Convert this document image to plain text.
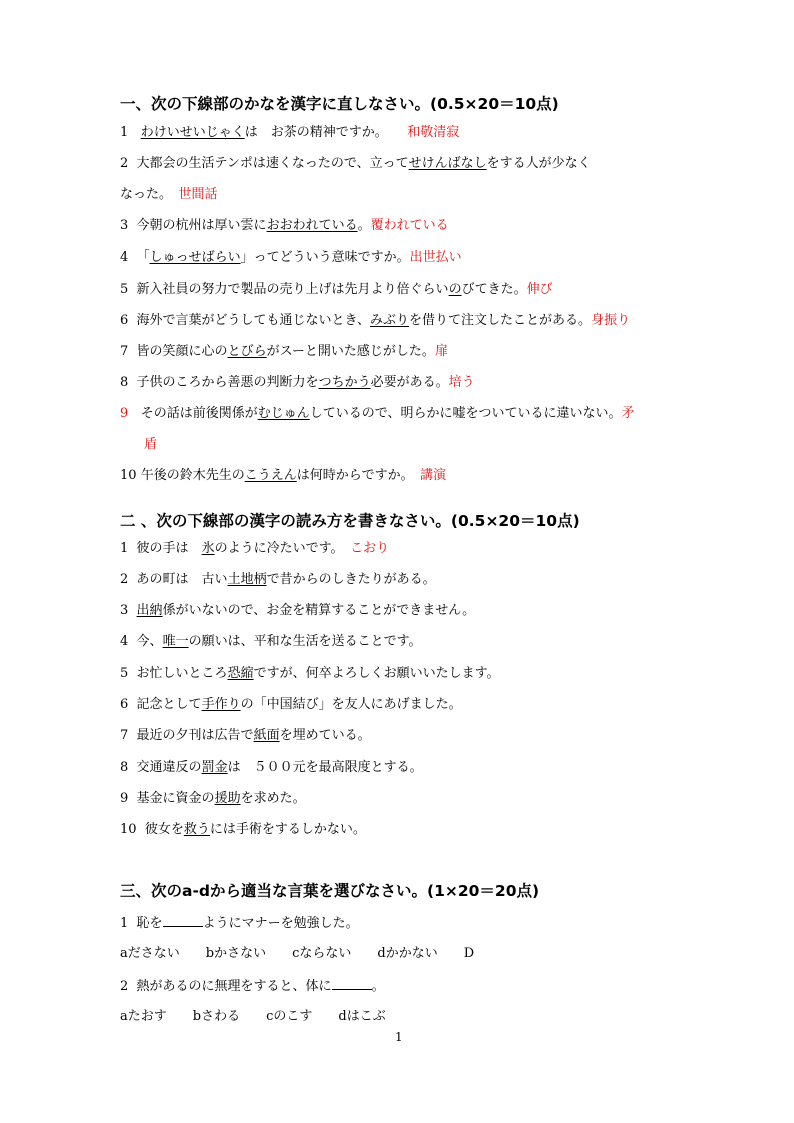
一、次の下線部のかなを漢字に直しなさい。(0.5×20＝10点)
1 わけいせいじゃくは　お茶の精神ですか。　　 和敬清寂
2 大都会の生活テンポは速くなったので、立ってせけんばなしをする人が少なく
なった。　 世間話
3 今朝の杭州は厚い雲におおわれている。覆われている
4 「しゅっせばらい」ってどういう意味ですか。出世払い
5 新入社員の努力で製品の売り上げは先月より倍ぐらいのびてきた。伸び
6 海外で言葉がどうしても通じないとき、みぶりを借りて注文したことがある。身振り
7 皆の笑顔に心のとびらがスーと開いた感じがした。扉
8 子供のころから善悪の判断力をつちかう必要がある。培う
9 その話は前後関係がむじゅんしているので、明らかに嘘をついているに違いない。矛
盾
10 午後の鈴木先生のこうえんは何時からですか。　 講演
二 、次の下線部の漢字の読み方を書きなさい。(0.5×20＝10点)
1 彼の手は　氷のように冷たいです。　 こおり
2 あの町は　古い土地柄で昔からのしきたりがある。
3 出納係がいないので、お金を精算することができません。
4 今、唯一の願いは、平和な生活を送ることです。
5 お忙しいところ恐縮ですが、何卒よろしくお願いいたします。
6 記念として手作りの「中国結び」を友人にあげました。
7 最近の夕刊は広告で紙面を埋めている。
8 交通違反の罰金は　５００元を最高限度とする。
9 基金に資金の援助を求めた。
10 彼女を救うには手術をするしかない。
三、次のa-dから適当な言葉を選びなさい。(1×20＝20点)
1 恥を	ようにマナーを勉強した。
aださない　　 bかさない　　 cならない　　 dかかない　　 D
2 熱があるのに無理をすると、体に	。
aたおす　　 bさわる　　 cのこす　　 dはこぶ
1
